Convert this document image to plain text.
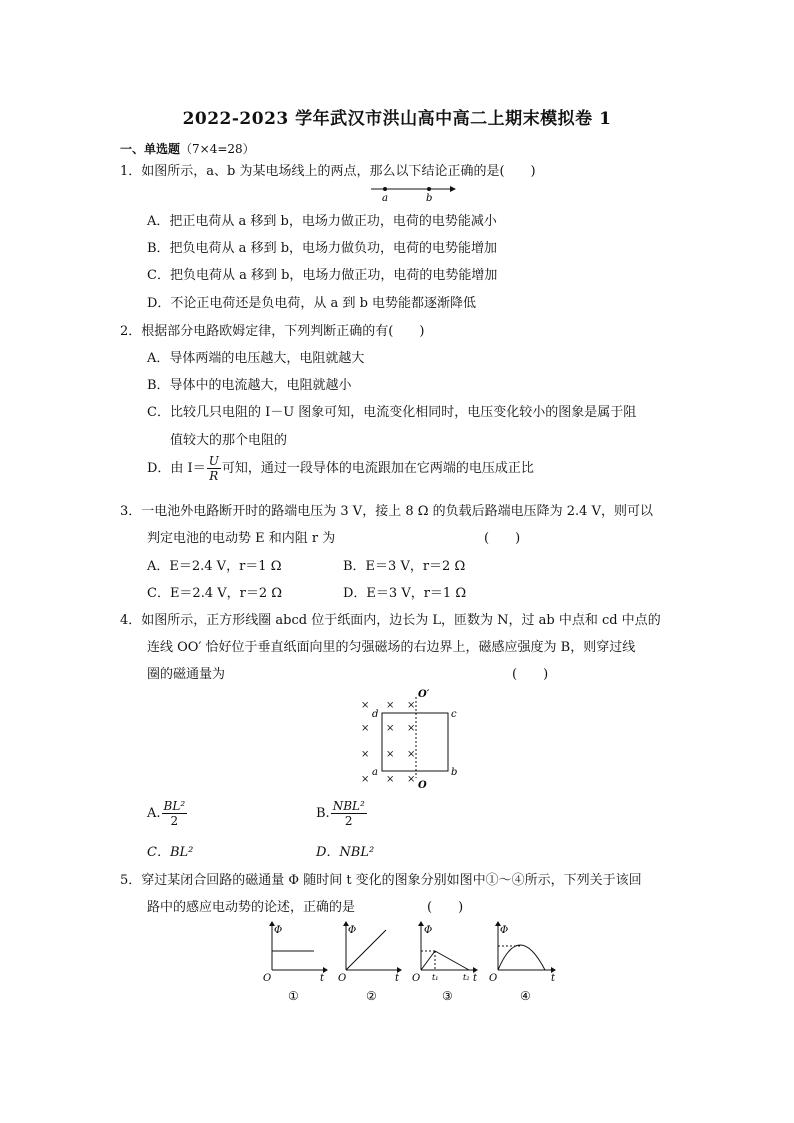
2022-2023 学年武汉市洪山高中高二上期末模拟卷 1
一、单选题（7×4=28）
1．如图所示，a、b 为某电场线上的两点，那么以下结论正确的是(　　)
a	b
A．把正电荷从 a 移到 b，电场力做正功，电荷的电势能减小
B．把负电荷从 a 移到 b，电场力做负功，电荷的电势能增加
C．把负电荷从 a 移到 b，电场力做正功，电荷的电势能增加
D．不论正电荷还是负电荷，从 a 到 b 电势能都逐渐降低
2．根据部分电路欧姆定律，下列判断正确的有(　　)
A．导体两端的电压越大，电阻就越大
B．导体中的电流越大，电阻就越小
C．比较几只电阻的 I－U 图象可知，电流变化相同时，电压变化较小的图象是属于阻
值较大的那个电阻的
D．由 $I= \frac{U}{R}$ 可知，通过一段导体的电流跟加在它两端的电压成正比
3．一电池外电路断开时的路端电压为 3 V，接上 8 Ω 的负载后路端电压降为 2.4 V，则可以
判定电池的电动势 E 和内阻 r 为	(　　)
A．E＝2.4 V，r＝1 Ω	B．E＝3 V，r＝2 Ω
C．E＝2.4 V，r＝2 Ω	D．E＝3 V，r＝1 Ω
4．如图所示，正方形线圈 abcd 位于纸面内，边长为 L，匝数为 N，过 ab 中点和 cd 中点的
连线 OO′ 恰好位于垂直纸面向里的匀强磁场的右边界上，磁感应强度为 B，则穿过线
圈的磁通量为	(　　)
O′
O
d	c
a	b
× × ×
× × ×
× × ×
× × ×
A. $\frac{\text{BL²}}{2}$	B. $\frac{\text{NBL²}}{2}$
C．BL²	D．NBL²
5．穿过某闭合回路的磁通量 Φ 随时间 t 变化的图象分别如图中①～④所示，下列关于该回
路中的感应电动势的论述，正确的是	(　　)
Φ
O	t
①
Φ
O	t
②
Φ
O t₁	t₂ t
③
Φ
O	t
④
